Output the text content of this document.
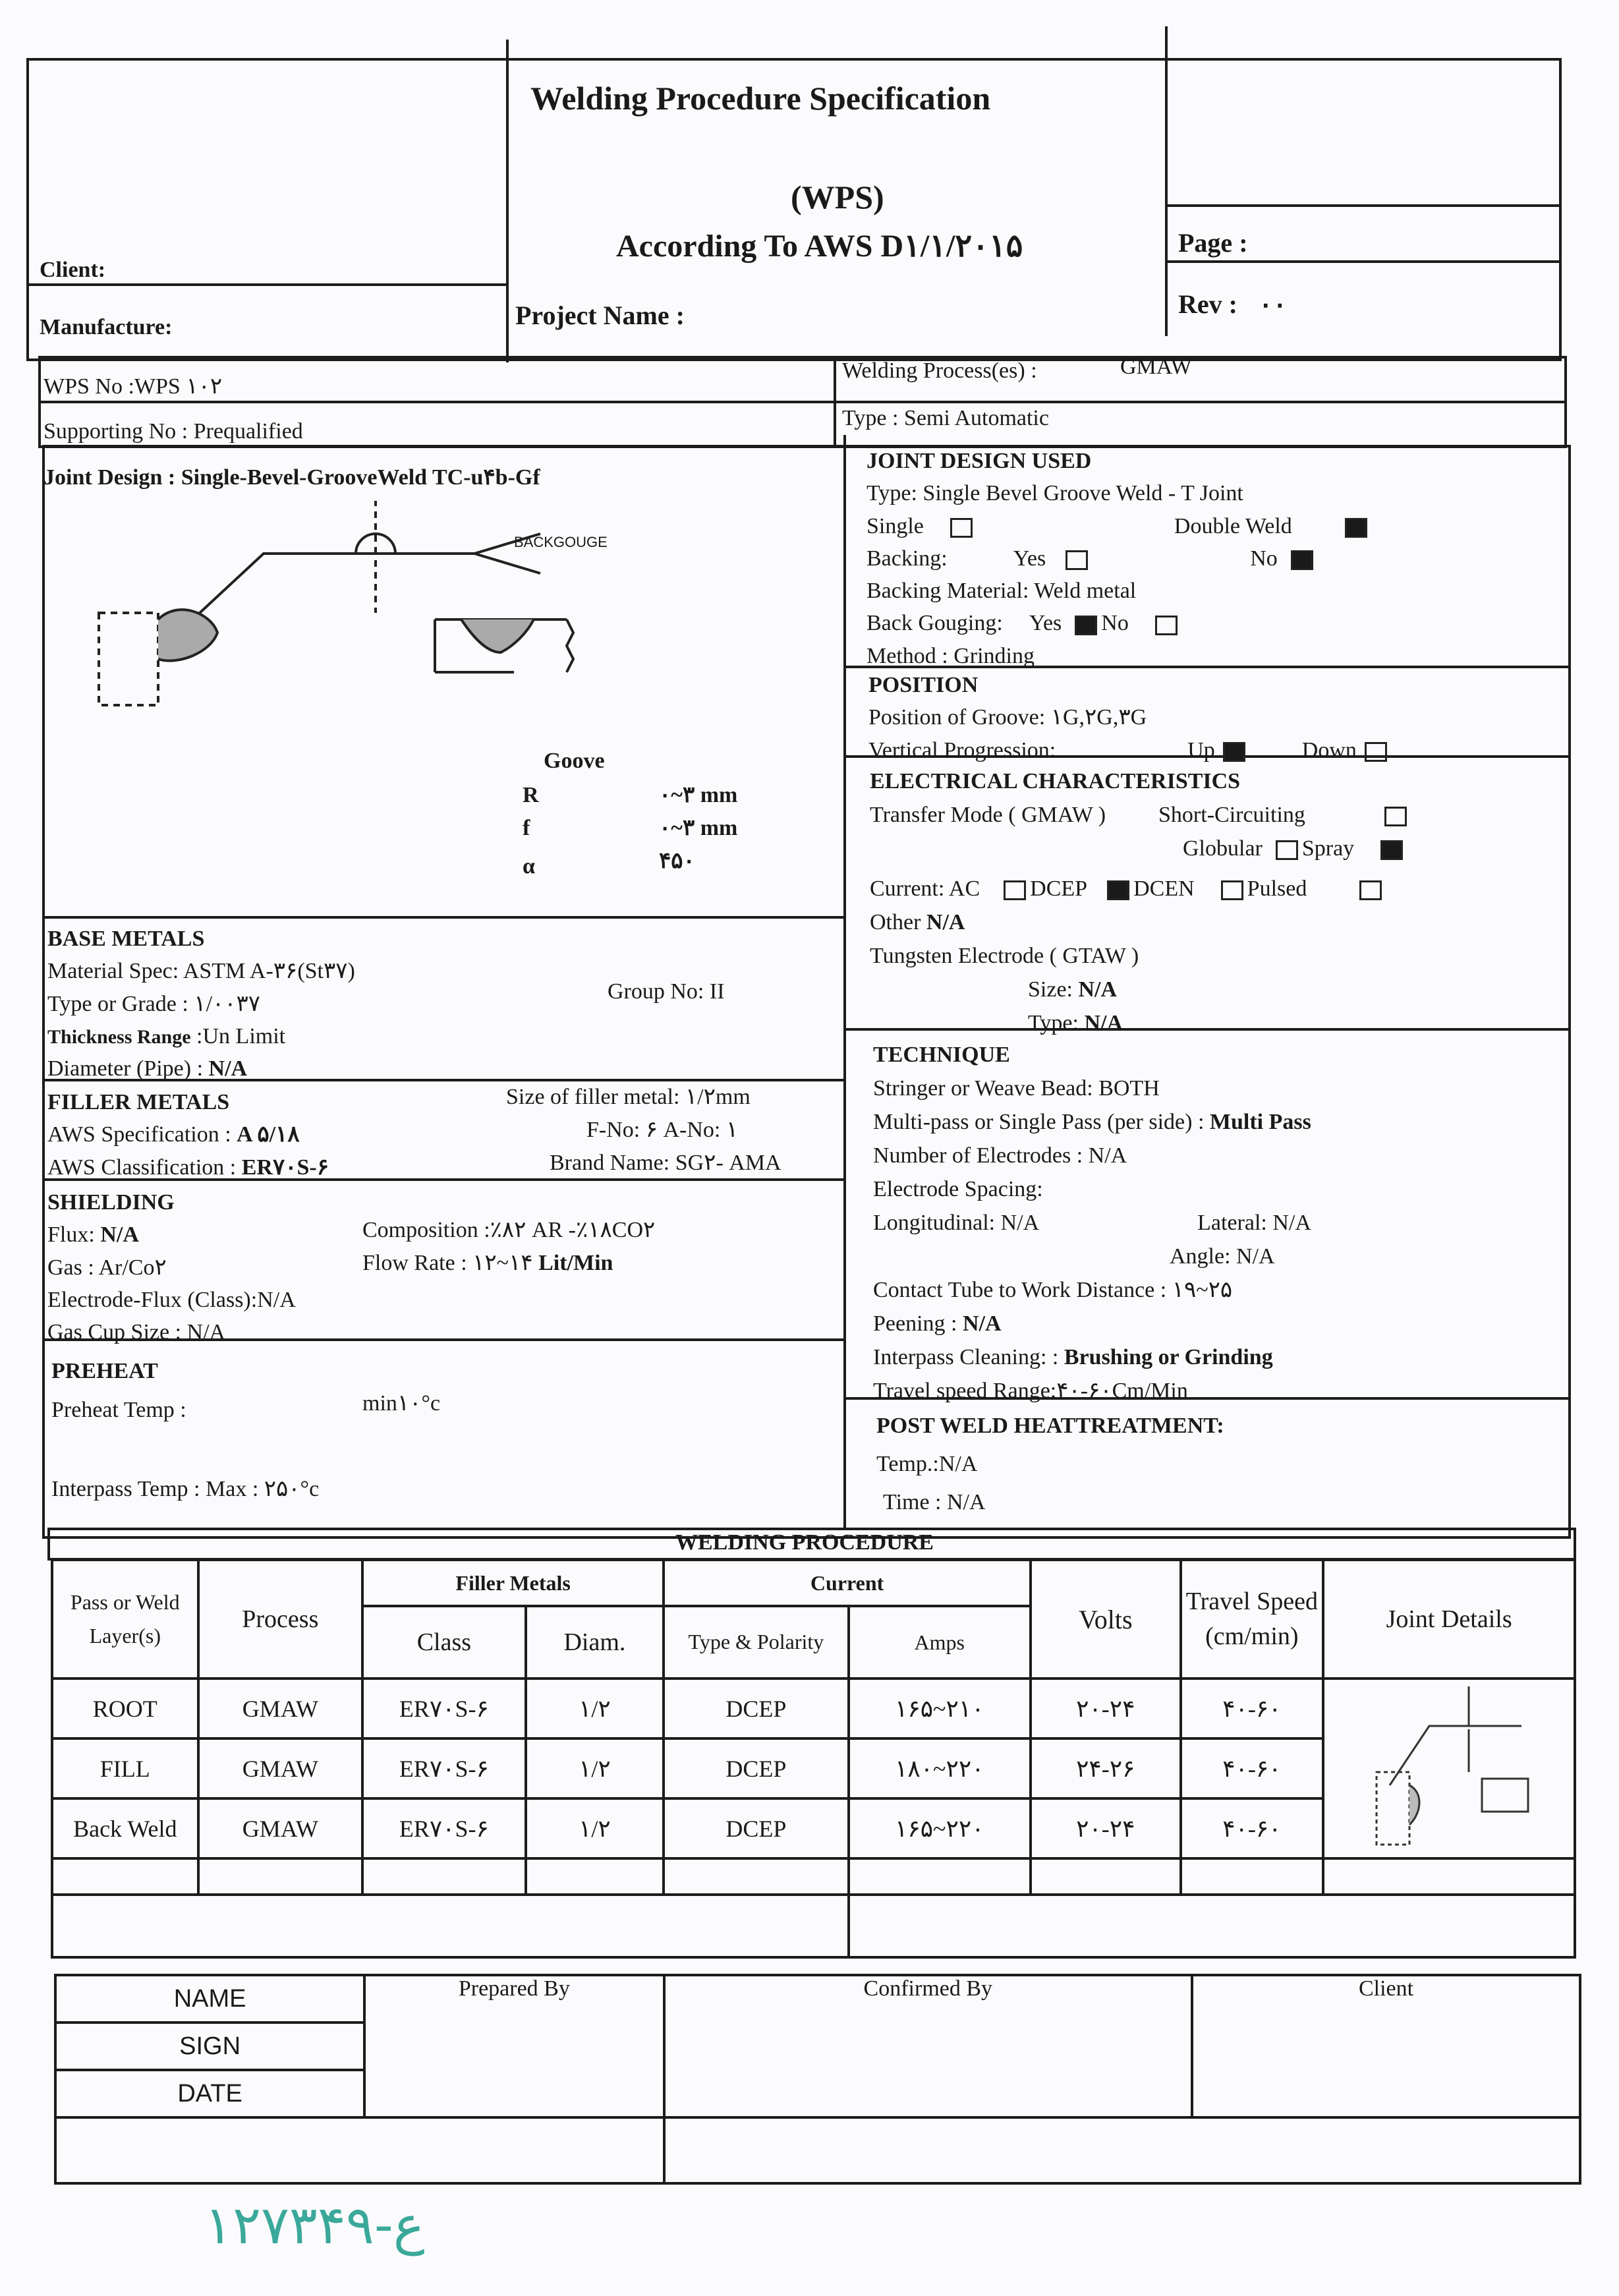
Welding Procedure Specification
(WPS)
According To AWS D۱/۱/۲۰۱۵
Client:
Manufacture:	Project Name :
Page :
Rev : ۰۰
WPS No :WPS ۱۰۲
Supporting No : Prequalified
Welding Process(es) :	GMAW
Type : Semi Automatic
Joint Design : Single-Bevel-GrooveWeld TC-u۴b-Gf
BACKGOUGE
Goove
R	۰~۳ mm
f	۰~۳ mm
α	۴۵۰
BASE METALS
Material Spec: ASTM A-۳۶(St۳۷)
Type or Grade : ۱/۰۰۳۷
Thickness Range :Un Limit
Diameter (Pipe) : N/A
Group No: II
FILLER METALS
AWS Specification : A ۵/۱۸
AWS Classification : ER۷۰S-۶
Size of filler metal: ۱/۲mm
F-No: ۶ A-No: ۱
Brand Name: SG۲- AMA
SHIELDING
Flux: N/A
Gas : Ar/Co۲
Electrode-Flux (Class):N/A
Gas Cup Size : N/A
Composition :٪۸۲ AR -٪۱۸CO۲
Flow Rate : ۱۲~۱۴ Lit/Min
PREHEAT
Preheat Temp :	min۱۰°c
Interpass Temp : Max : ۲۵۰°c
JOINT DESIGN USED
Type: Single Bevel Groove Weld - T Joint
Single	Double Weld
Backing:	Yes	No
Backing Material: Weld metal
Back Gouging: Yes No
Method : Grinding
POSITION
Position of Groove: ۱G,۲G,۳G
Vertical Progression:	Up	Down
ELECTRICAL CHARACTERISTICS
Transfer Mode ( GMAW ) Short-Circuiting
Globular Spray
Current: AC DCEP DCEN Pulsed
Other N/A
Tungsten Electrode ( GTAW )
Size: N/A
Type: N/A
TECHNIQUE
Stringer or Weave Bead: BOTH
Multi-pass or Single Pass (per side) : Multi Pass
Number of Electrodes : N/A
Electrode Spacing:
Longitudinal: N/A	Lateral: N/A
Angle: N/A
Contact Tube to Work Distance : ۱۹~۲۵
Peening : N/A
Interpass Cleaning: : Brushing or Grinding
Travel speed Range:۴۰-۶۰Cm/Min
POST WELD HEATTREATMENT:
Temp.:N/A
Time : N/A
WELDING PROCEDURE
Pass or Weld Layer(s)	Process	Filler Metals		Current		Volts	Travel Speed (cm/min)	Joint Details
		Class	Diam.	Type & Polarity	Amps			
ROOT	GMAW	ER۷۰S-۶	۱/۲	DCEP	۱۶۵~۲۱۰	۲۰-۲۴	۴۰-۶۰	
FILL	GMAW	ER۷۰S-۶	۱/۲	DCEP	۱۸۰~۲۲۰	۲۴-۲۶	۴۰-۶۰	
Back Weld	GMAW	ER۷۰S-۶	۱/۲	DCEP	۱۶۵~۲۲۰	۲۰-۲۴	۴۰-۶۰	

NAME	Prepared By	Confirmed By	Client
SIGN			
DATE			

۱۲۷۳۴۹-ع
